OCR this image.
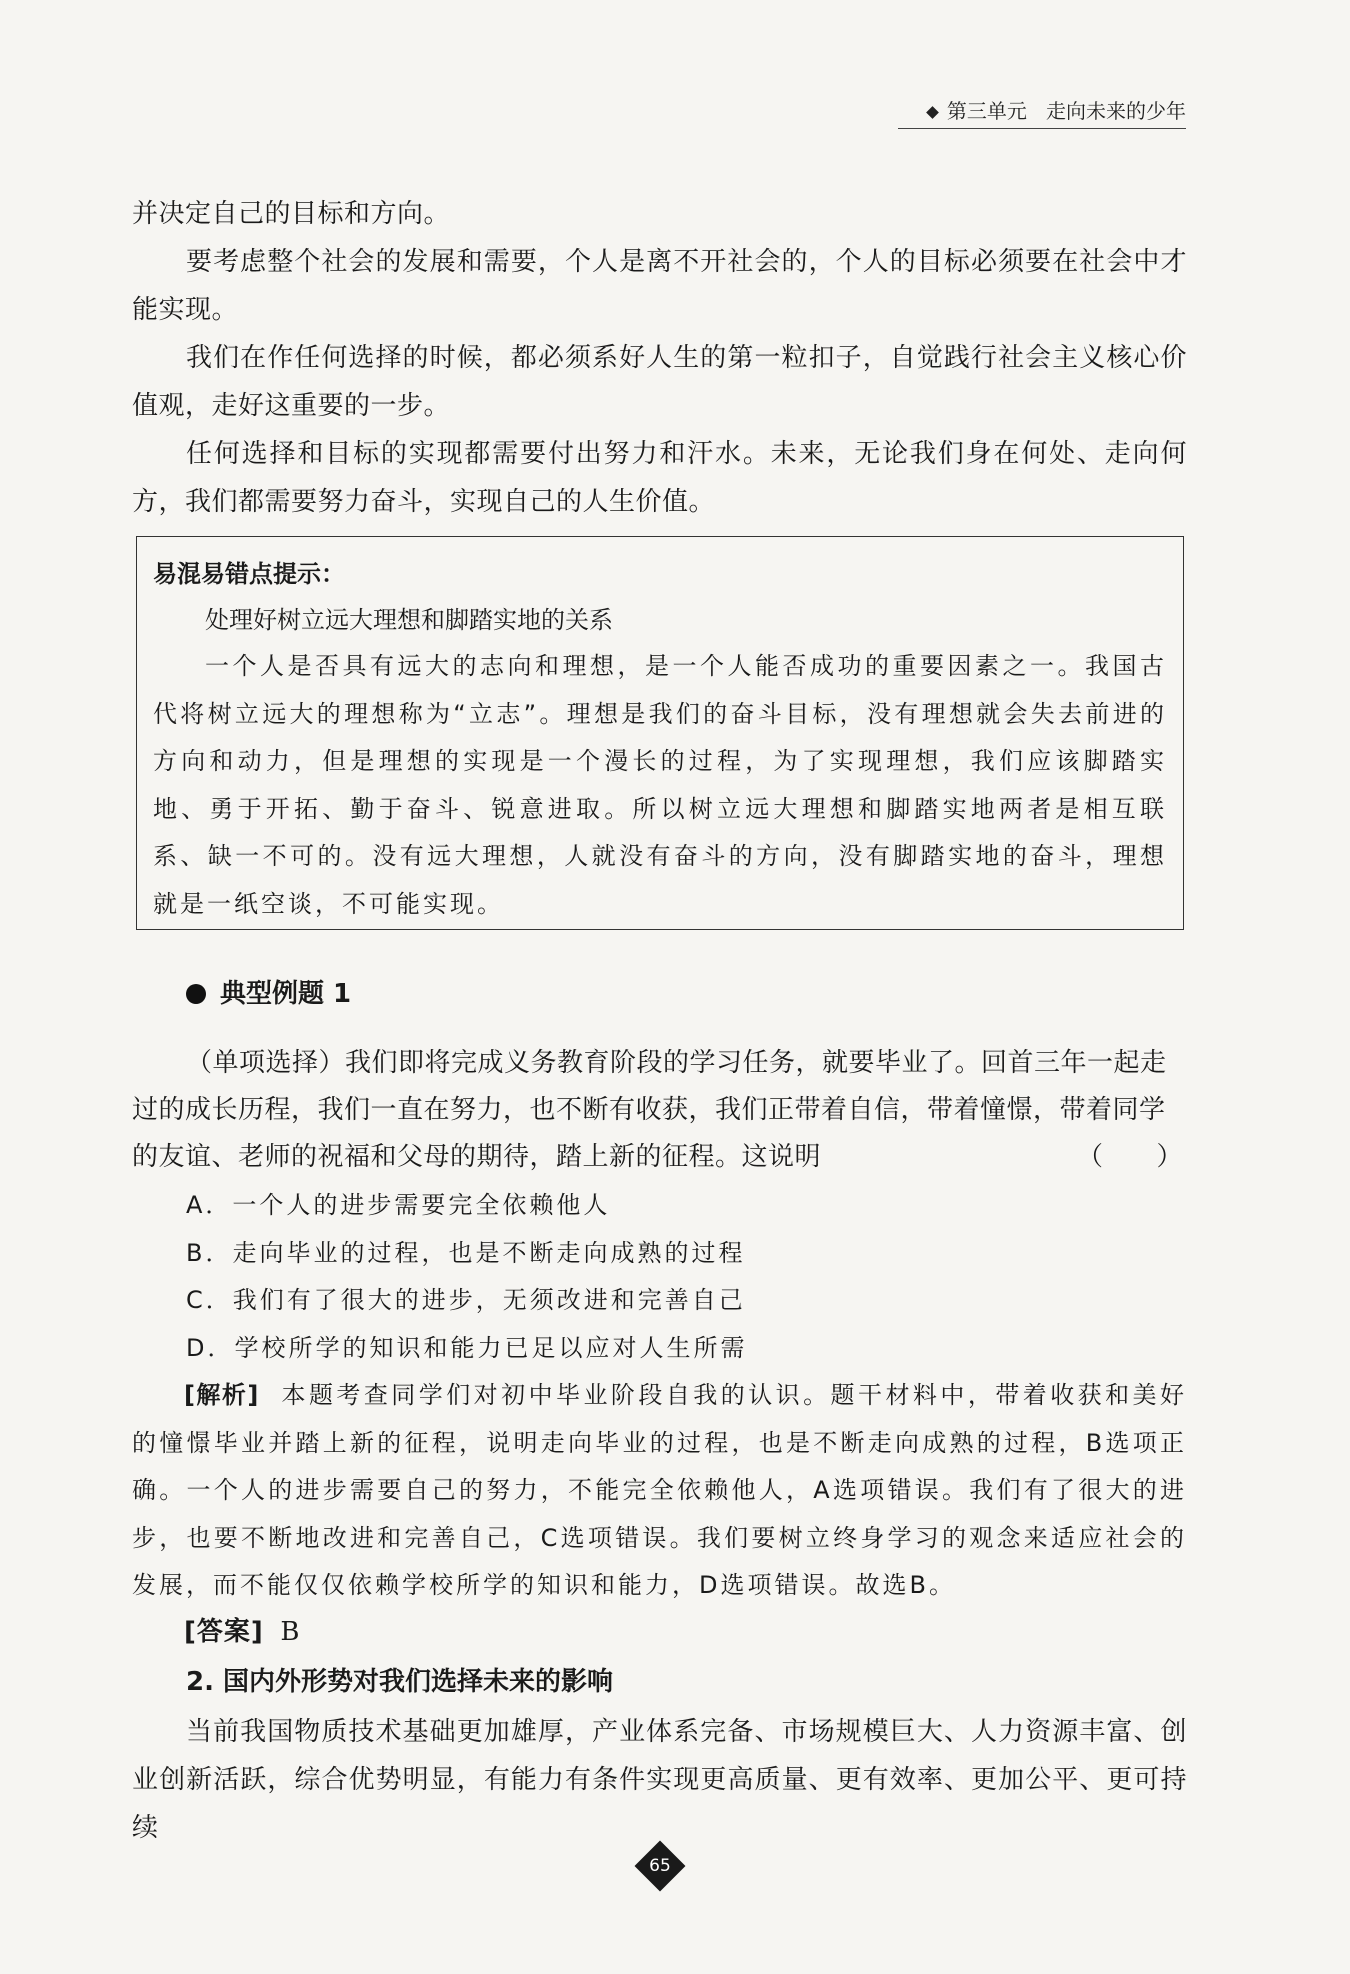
第三单元 走向未来的少年

并决定自己的目标和方向。

要考虑整个社会的发展和需要，个人是离不开社会的，个人的目标必须要在社会中才能实现。

我们在作任何选择的时候，都必须系好人生的第一粒扣子，自觉践行社会主义核心价值观，走好这重要的一步。

任何选择和目标的实现都需要付出努力和汗水。未来，无论我们身在何处、走向何方，我们都需要努力奋斗，实现自己的人生价值。

易混易错点提示：

处理好树立远大理想和脚踏实地的关系

一个人是否具有远大的志向和理想，是一个人能否成功的重要因素之一。我国古代将树立远大的理想称为“立志”。理想是我们的奋斗目标，没有理想就会失去前进的方向和动力，但是理想的实现是一个漫长的过程，为了实现理想，我们应该脚踏实地、勇于开拓、勤于奋斗、锐意进取。所以树立远大理想和脚踏实地两者是相互联系、缺一不可的。没有远大理想，人就没有奋斗的方向，没有脚踏实地的奋斗，理想就是一纸空谈，不可能实现。

典型例题 1
（单项选择）我们即将完成义务教育阶段的学习任务，就要毕业了。回首三年一起走过的成长历程，我们一直在努力，也不断有收获，我们正带着自信，带着憧憬，带着同学的友谊、老师的祝福和父母的期待，踏上新的征程。这说明	（　　）
A．一个人的进步需要完全依赖他人
B．走向毕业的过程，也是不断走向成熟的过程
C．我们有了很大的进步，无须改进和完善自己
D．学校所学的知识和能力已足以应对人生所需

[解析] 本题考查同学们对初中毕业阶段自我的认识。题干材料中，带着收获和美好的憧憬毕业并踏上新的征程，说明走向毕业的过程，也是不断走向成熟的过程，B选项正确。一个人的进步需要自己的努力，不能完全依赖他人，A选项错误。我们有了很大的进步，也要不断地改进和完善自己，C选项错误。我们要树立终身学习的观念来适应社会的发展，而不能仅仅依赖学校所学的知识和能力，D选项错误。故选B。

[答案] B
2. 国内外形势对我们选择未来的影响

当前我国物质技术基础更加雄厚，产业体系完备、市场规模巨大、人力资源丰富、创业创新活跃，综合优势明显，有能力有条件实现更高质量、更有效率、更加公平、更可持续

65
